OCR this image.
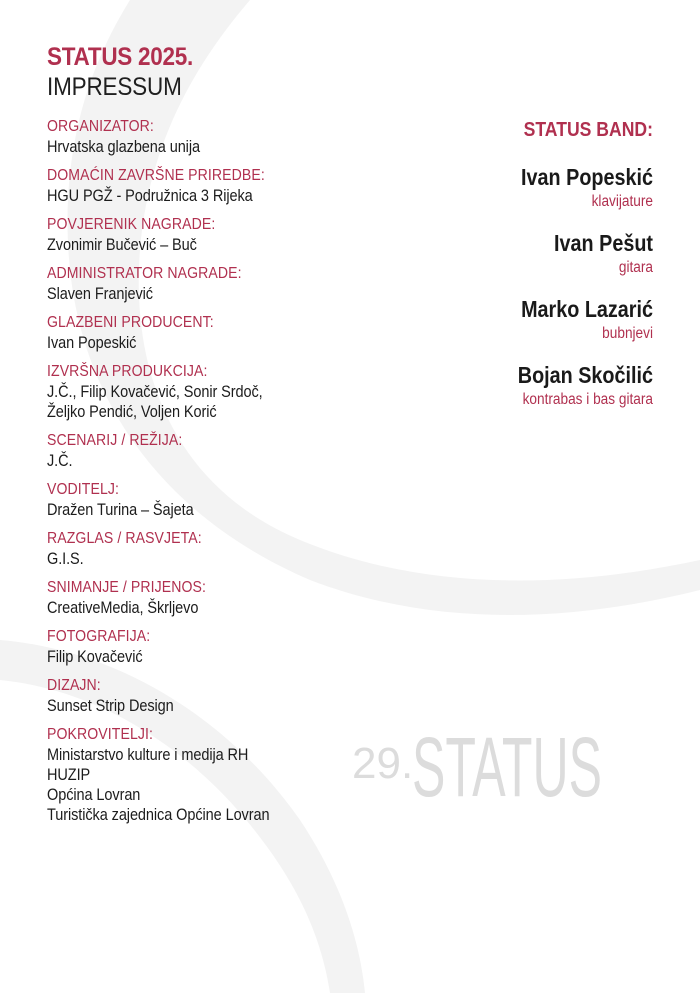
STATUS 2025.
IMPRESSUM
ORGANIZATOR:
Hrvatska glazbena unija
DOMAĆIN ZAVRŠNE PRIREDBE:
HGU PGŽ - Podružnica 3 Rijeka
POVJERENIK NAGRADE:
Zvonimir Bučević – Buč
ADMINISTRATOR NAGRADE:
Slaven Franjević
GLAZBENI PRODUCENT:
Ivan Popeskić
IZVRŠNA PRODUKCIJA:
J.Č., Filip Kovačević, Sonir Srdoč,
Željko Pendić, Voljen Korić
SCENARIJ / REŽIJA:
J.Č.
VODITELJ:
Dražen Turina – Šajeta
RAZGLAS / RASVJETA:
G.I.S.
SNIMANJE / PRIJENOS:
CreativeMedia, Škrljevo
FOTOGRAFIJA:
Filip Kovačević
DIZAJN:
Sunset Strip Design
POKROVITELJI:
Ministarstvo kulture i medija RH
HUZIP
Općina Lovran
Turistička zajednica Općine Lovran
STATUS BAND:
Ivan Popeskić
klavijature
Ivan Pešut
gitara
Marko Lazarić
bubnjevi
Bojan Skočilić
kontrabas i bas gitara
29.
STATUS
